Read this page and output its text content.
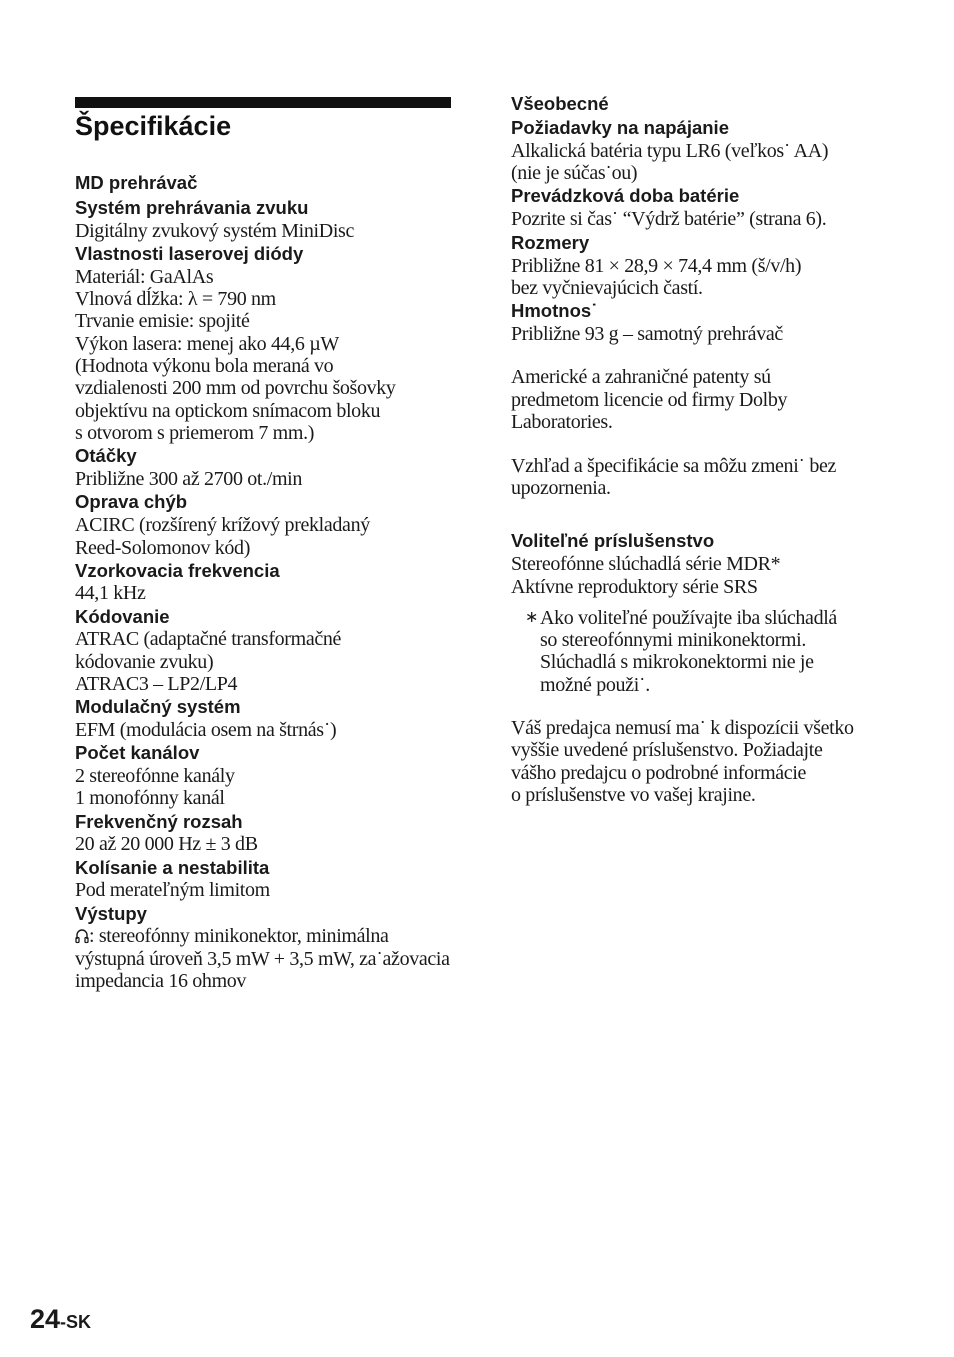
Špecifikácie
MD prehrávač
Systém prehrávania zvuku
Digitálny zvukový systém MiniDisc
Vlastnosti laserovej diódy
Materiál: GaAlAs
Vlnová dĺžka: λ = 790 nm
Trvanie emisie: spojité
Výkon lasera: menej ako 44,6 µW
(Hodnota výkonu bola meraná vo
vzdialenosti 200 mm od povrchu šošovky
objektívu na optickom snímacom bloku
s otvorom s priemerom 7 mm.)
Otáčky
Približne 300 až 2700 ot./min
Oprava chýb
ACIRC (rozšírený krížový prekladaný
Reed-Solomonov kód)
Vzorkovacia frekvencia
44,1 kHz
Kódovanie
ATRAC (adaptačné transformačné
kódovanie zvuku)
ATRAC3 – LP2/LP4
Modulačný systém
EFM (modulácia osem na štrnás˙)
Počet kanálov
2 stereofónne kanály
1 monofónny kanál
Frekvenčný rozsah
20 až 20 000 Hz ± 3 dB
Kolísanie a nestabilita
Pod merateľným limitom
Výstupy
: stereofónny minikonektor, minimálna
výstupná úroveň 3,5 mW + 3,5 mW, za˙ažovacia
impedancia 16 ohmov
Všeobecné
Požiadavky na napájanie
Alkalická batéria typu LR6 (veľkos˙ AA)
(nie je súčas˙ou)
Prevádzková doba batérie
Pozrite si čas˙ “Výdrž batérie” (strana 6).
Rozmery
Približne 81 × 28,9 × 74,4 mm (š/v/h)
bez vyčnievajúcich častí.
Hmotnos˙
Približne 93 g – samotný prehrávač
Americké a zahraničné patenty sú
predmetom licencie od firmy Dolby
Laboratories.
Vzhľad a špecifikácie sa môžu zmeni˙ bez
upozornenia.
Voliteľné príslušenstvo
Stereofónne slúchadlá série MDR*
Aktívne reproduktory série SRS
∗ Ako voliteľné používajte iba slúchadlá
so stereofónnymi minikonektormi.
Slúchadlá s mikrokonektormi nie je
možné použi˙.
Váš predajca nemusí ma˙ k dispozícii všetko
vyššie uvedené príslušenstvo. Požiadajte
vášho predajcu o podrobné informácie
o príslušenstve vo vašej krajine.
24-SK
